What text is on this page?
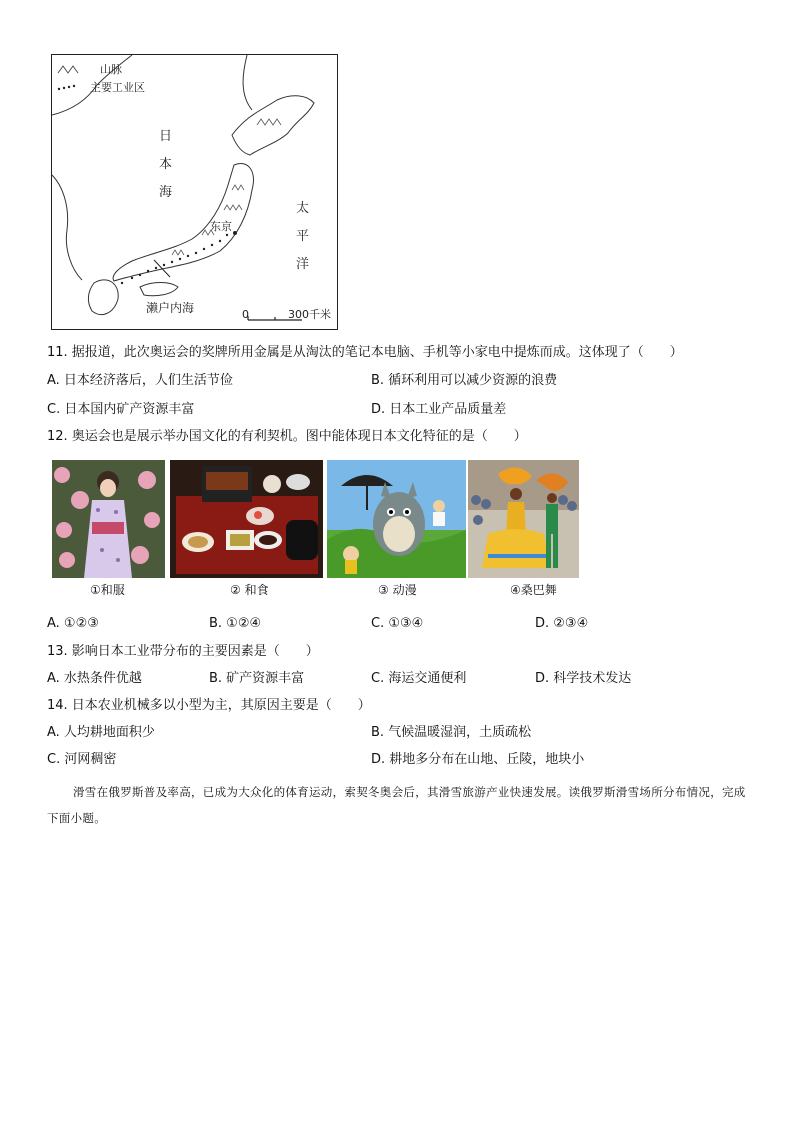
山脉
主要工业区
日本海
太平洋
东京
濑户内海	0	300千米
11. 据报道，此次奥运会的奖牌所用金属是从淘汰的笔记本电脑、手机等小家电中提炼而成。这体现了（　　）
A. 日本经济落后，人们生活节俭	B. 循环利用可以减少资源的浪费
C. 日本国内矿产资源丰富	D. 日本工业产品质量差
12. 奥运会也是展示举办国文化的有利契机。图中能体现日本文化特征的是（　　）
①和服	② 和食	③ 动漫	④桑巴舞
A. ①②③	B. ①②④	C. ①③④	D. ②③④
13. 影响日本工业带分布的主要因素是（　　）
A. 水热条件优越	B. 矿产资源丰富	C. 海运交通便利	D. 科学技术发达
14. 日本农业机械多以小型为主，其原因主要是（　　）
A. 人均耕地面积少	B. 气候温暖湿润，土质疏松
C. 河网稠密	D. 耕地多分布在山地、丘陵，地块小
滑雪在俄罗斯普及率高，已成为大众化的体育运动，索契冬奥会后，其滑雪旅游产业快速发展。读俄罗斯滑雪场所分布情况，完成下面小题。
